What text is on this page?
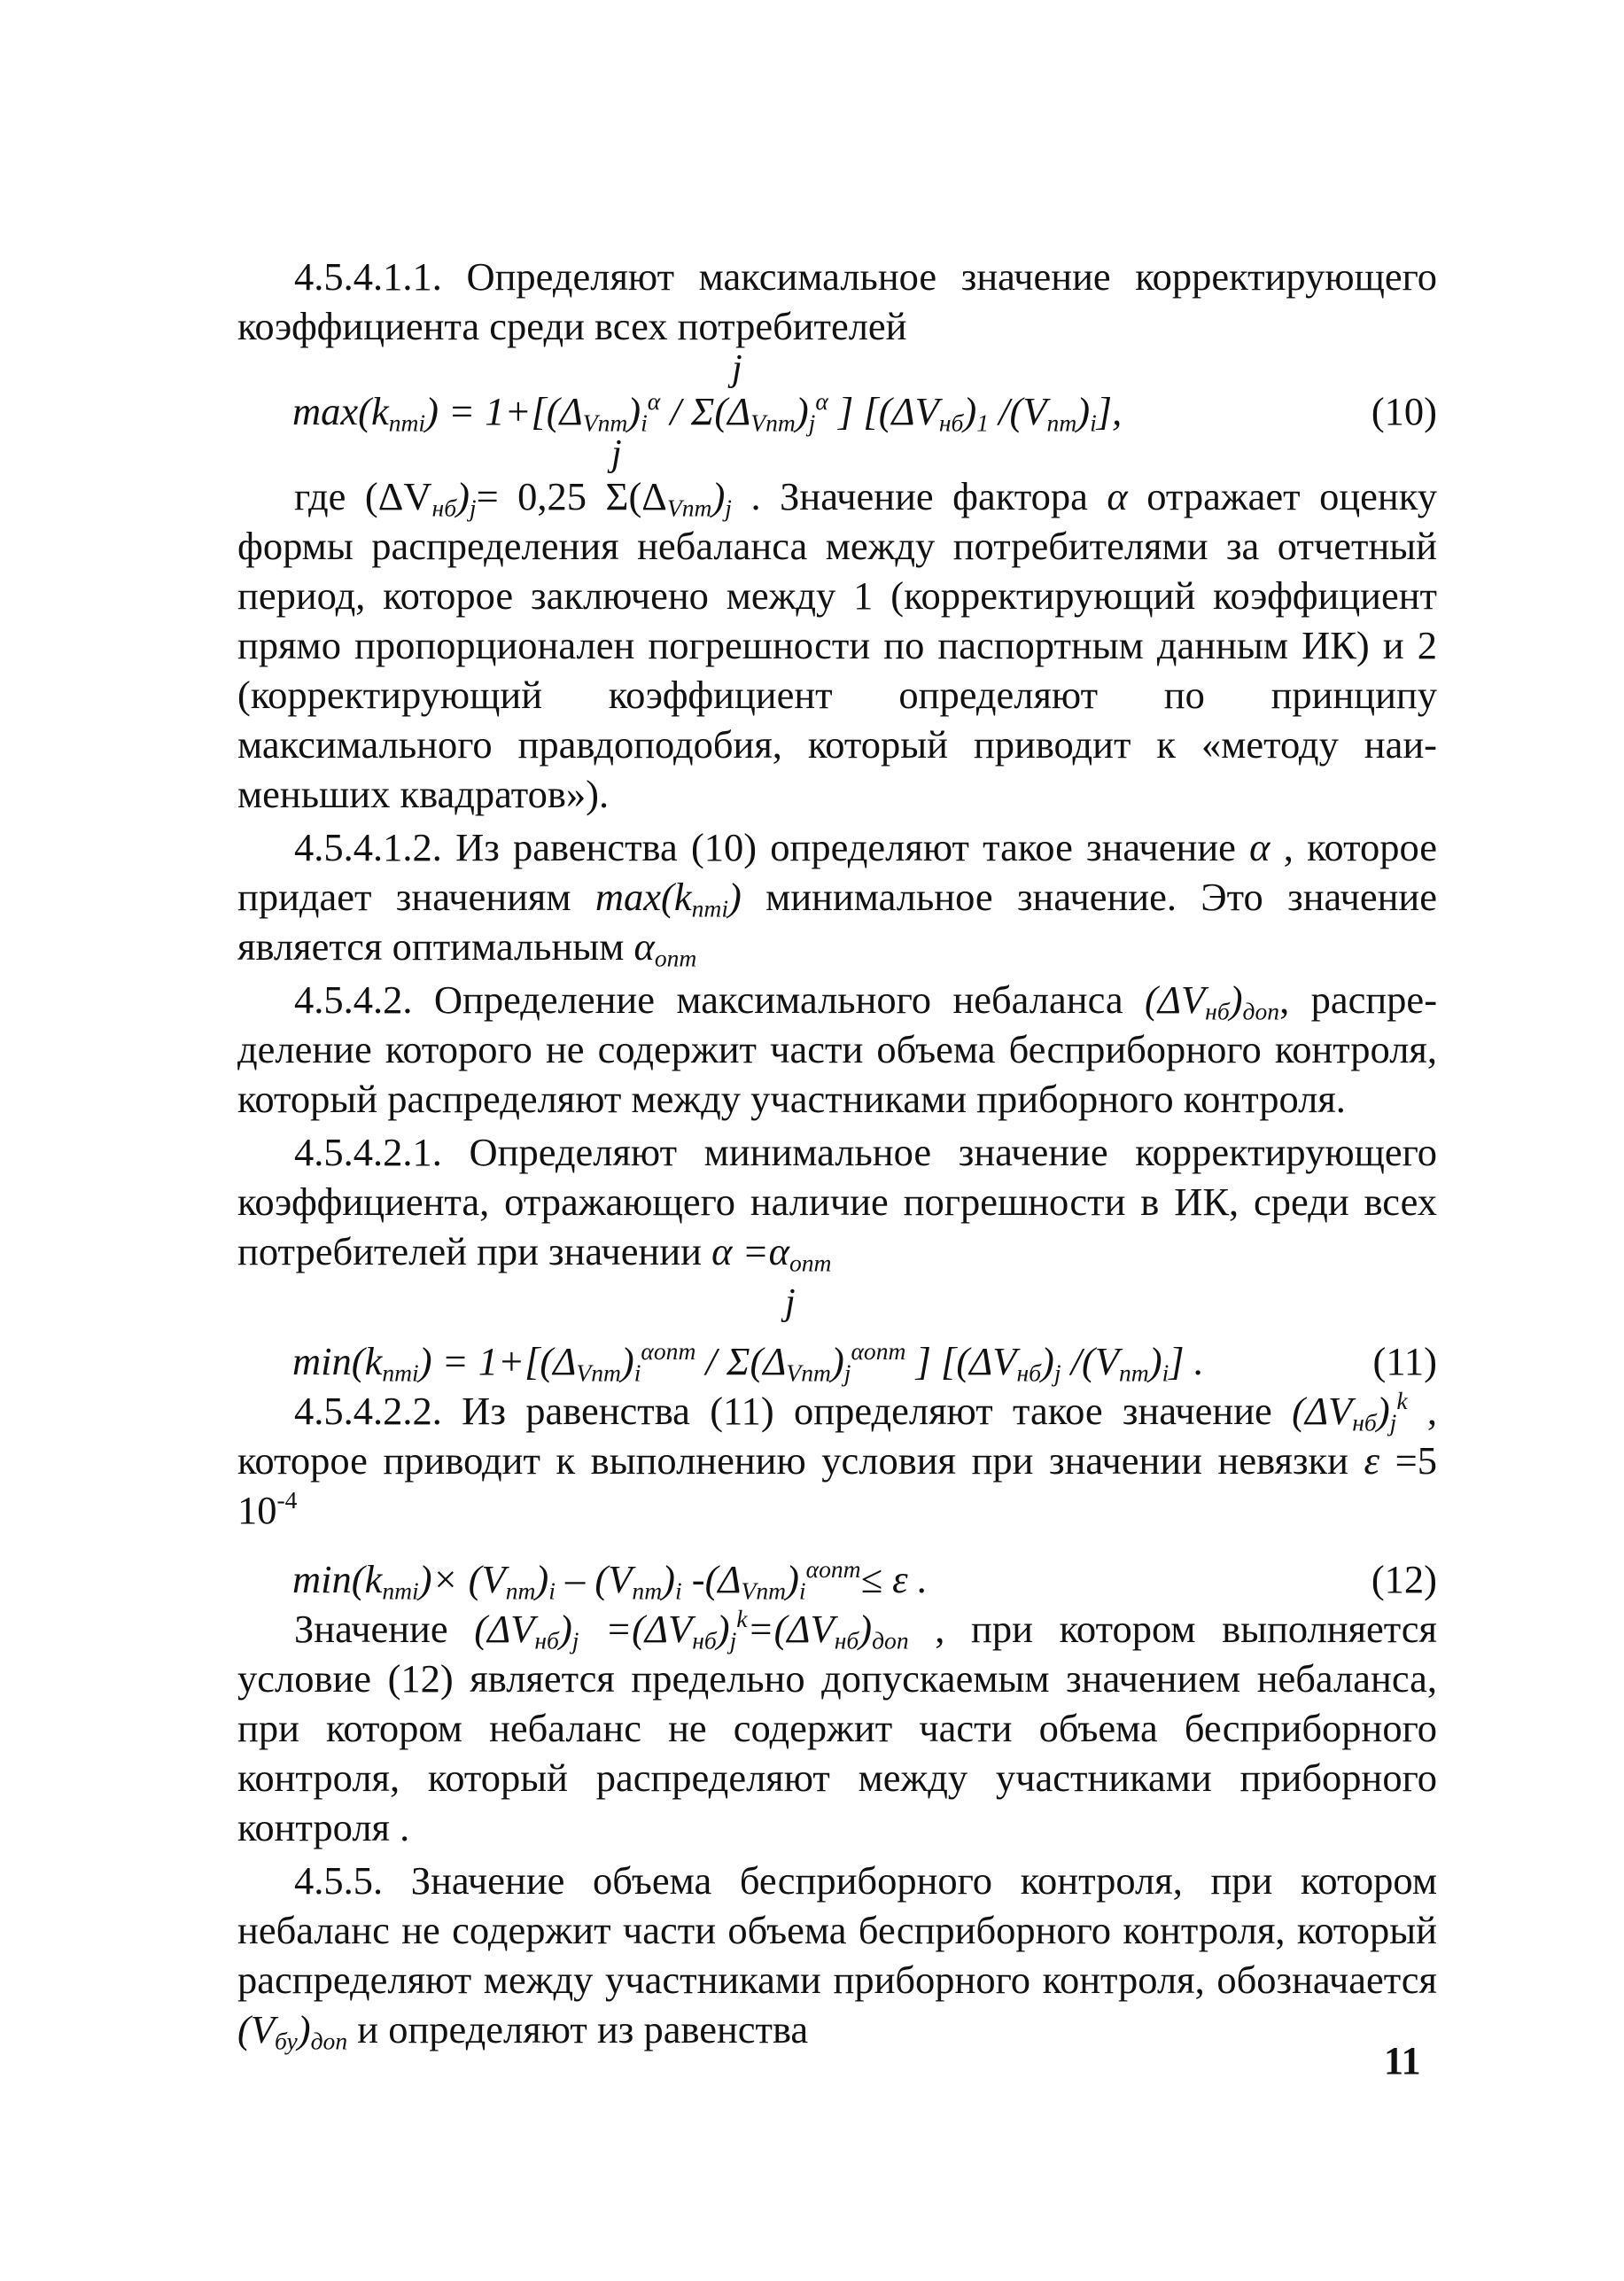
4.5.4.1.1. Определяют максимальное значение корректирующего коэффициента среди всех потребителей

j
$\max(k_{nmi}) = 1+[(\Delta_{Vnm})_i^\alpha / \Sigma(\Delta_{Vnm})_j^\alpha$ ] [$(\Delta V_{нб})_1$ $/(V_{nm})_i$],	(10)
j

где $(\Delta V_{нб})_j= 0,25$ $\Sigma(\Delta_{Vnm})_j$ . Значение фактора α отражает оценку формы распределения небаланса между потребителями за отчетный период, которое заключено между 1 (корректирующий коэффициент прямо пропорционален погрешности по паспортным данным ИК) и 2 (корректирующий коэффициент определяют по принципу максимального правдоподобия, который приводит к «методу наименьших квадратов»).

4.5.4.1.2. Из равенства (10) определяют такое значение α , которое придает значениям $\max(k_{nmi})$ минимальное значение. Это значение является оптимальным $\alpha_{onm}$

4.5.4.2. Определение максимального небаланса $(\Delta V_{нб})_{доп}$, распределение которого не содержит части объема бесприборного контроля, который распределяют между участниками приборного контроля.

4.5.4.2.1. Определяют минимальное значение корректирующего коэффициента, отражающего наличие погрешности в ИК, среди всех потребителей при значении $\alpha =\alpha_{onm}$

j
$\min(k_{nmi}) = 1+[(\Delta_{Vnm})_i^{\alpha onm} / \Sigma(\Delta_{Vnm})_j^{\alpha onm}$ ] [$(\Delta V_{нб})_j$ $/(V_{nm})_i$] .	(11)

4.5.4.2.2. Из равенства (11) определяют такое значение $(\Delta V_{нб})_j^k$ , которое приводит к выполнению условия при значении невязки ε =5 $10^{-4}$

$\min(k_{nmi})\times (V_{nm})_i - (V_{nm})_i$ $-(\Delta_{Vnm})_i^{\alpha onm}\le \varepsilon$ .	(12)

Значение $(\Delta V_{нб})_j =(\Delta V_{нб})_j^k=(\Delta V_{нб})_{доп}$ , при котором выполняется условие (12) является предельно допускаемым значением небаланса, при котором небаланс не содержит части объема бесприборного контроля, который распределяют между участниками приборного контроля .

4.5.5. Значение объема бесприборного контроля, при котором небаланс не содержит части объема бесприборного контроля, который распределяют между участниками приборного контроля, обозначается $(V_{бу})_{доп}$ и определяют из равенства

11
